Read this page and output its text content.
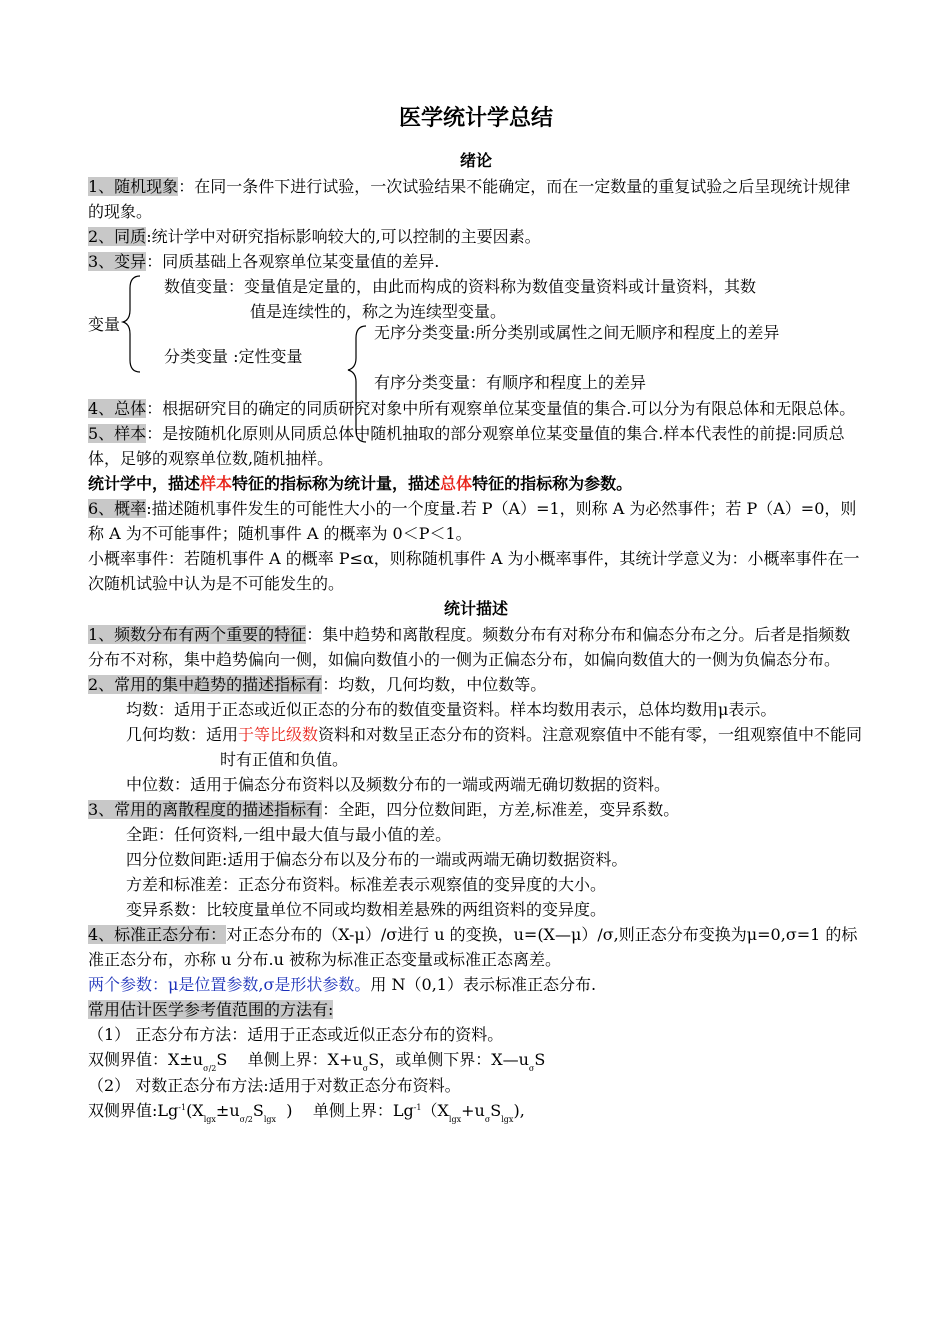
医学统计学总结
绪论

1、随机现象：在同一条件下进行试验，一次试验结果不能确定，而在一定数量的重复试验之后呈现统计规律的现象。

2、同质:统计学中对研究指标影响较大的,可以控制的主要因素。

3、变异：同质基础上各观察单位某变量值的差异.

变量
数值变量：变量值是定量的，由此而构成的资料称为数值变量资料或计量资料，其数
值是连续性的，称之为连续型变量。
分类变量 :定性变量
无序分类变量:所分类别或属性之间无顺序和程度上的差异
有序分类变量：有顺序和程度上的差异

4、总体：根据研究目的确定的同质研究对象中所有观察单位某变量值的集合.可以分为有限总体和无限总体。

5、样本：是按随机化原则从同质总体中随机抽取的部分观察单位某变量值的集合.样本代表性的前提:同质总体，足够的观察单位数,随机抽样。

统计学中，描述样本特征的指标称为统计量，描述总体特征的指标称为参数。

6、概率:描述随机事件发生的可能性大小的一个度量.若 P（A）=1，则称 A 为必然事件；若 P（A）=0，则称 A 为不可能事件；随机事件 A 的概率为 0＜P＜1。

小概率事件：若随机事件 A 的概率 P≤α，则称随机事件 A 为小概率事件，其统计学意义为：小概率事件在一次随机试验中认为是不可能发生的。

统计描述

1、频数分布有两个重要的特征：集中趋势和离散程度。频数分布有对称分布和偏态分布之分。后者是指频数分布不对称，集中趋势偏向一侧，如偏向数值小的一侧为正偏态分布，如偏向数值大的一侧为负偏态分布。

2、常用的集中趋势的描述指标有：均数，几何均数，中位数等。

均数：适用于正态或近似正态的分布的数值变量资料。样本均数用表示，总体均数用μ表示。

几何均数：适用于等比级数资料和对数呈正态分布的资料。注意观察值中不能有零，一组观察值中不能同时有正值和负值。

中位数：适用于偏态分布资料以及频数分布的一端或两端无确切数据的资料。

3、常用的离散程度的描述指标有：全距，四分位数间距，方差,标准差，变异系数。

全距：任何资料,一组中最大值与最小值的差。

四分位数间距:适用于偏态分布以及分布的一端或两端无确切数据资料。

方差和标准差：正态分布资料。标准差表示观察值的变异度的大小。

变异系数：比较度量单位不同或均数相差悬殊的两组资料的变异度。

4、标准正态分布：对正态分布的（X-μ）/σ进行 u 的变换，u=(X—μ）/σ,则正态分布变换为μ=0,σ=1 的标准正态分布，亦称 u 分布.u 被称为标准正态变量或标准正态离差。

两个参数：μ是位置参数,σ是形状参数。用 N（0,1）表示标准正态分布.

常用估计医学参考值范围的方法有:

（1） 正态分布方法：适用于正态或近似正态分布的资料。

双侧界值：$X\pm u_{\sigma/2}S$ 单侧上界：$X+u_\sigma S$，或单侧下界：$X—u_\sigma S$

（2） 对数正态分布方法:适用于对数正态分布资料。

双侧界值$:Lg^{-1}(X_{lgx}\pm u_{\sigma/2}S_{lgx}$ ) 单侧上界：$Lg^{-1}(X_{lgx}+u_\sigma S_{lgx})$,
